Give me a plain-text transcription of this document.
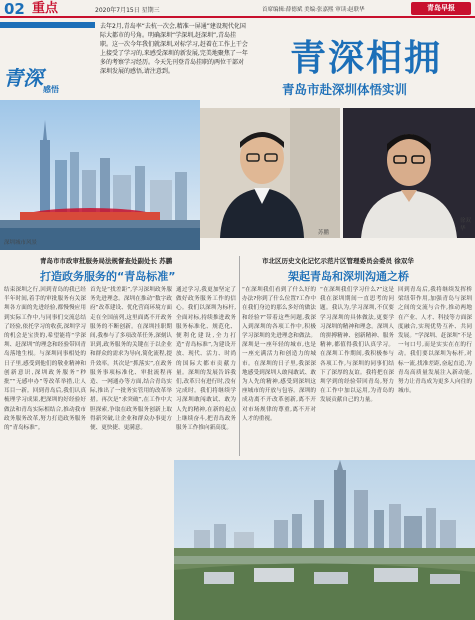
02 重点	2020年7月15日 星期三	首席编辑:薛德斌 美编:张嘉熙 审读:赵联华	青岛早报
去年2月,青岛率“去杭一次会,精准一屏通”建设现代化国际大都市的号角。明确深圳“学深圳,赶深圳”,青岛挂职。这一次今年我们就深圳,对标学习,赶着在工作上干会上接受了学习的,来感受深圳的新发展,完美地聚焦了一年多的考察学习经历。今天先刊登青岛挂职的两位干部对深圳发展的感悟,请注意到。	青深相拥
青岛市赴深圳体悟实训
青深 感悟
深圳城市风景
苏鹏
徐双华
青岛市市政审批服务局法规督查处副处长 苏鹏
打造政务服务的“青岛标准”
结束深圳之行,回到青岛的我已经半年时间,着手的审批服务有关深圳各方面的先进经验,都慢慢应用到实际工作中,与同事们交流总结了经验,依托学习的收获,深圳学习的机会是宝贵的,希望能将“学深圳、赶深圳”的理念和经验带回青岛落地生根。与深圳同事相处的日子里,感受到他们的敬业精神和创新意识,深圳政务服务“秒批”“无感申办”等改革举措,让人耳目一新。回到青岛后,我们认真梳理学习成果,把深圳的好经验好做法和青岛实际相结合,推动我市政务服务改革,努力打造政务服务的“青岛标准”。
首先是“找差距”,学习深圳政务服务先进理念。深圳在推动“数字政府”改革建设、优化营商环境方面走在全国前列,这里面离不开政务服务的不断创新。在深圳挂职期间,我参与了多项改革任务,深刻认识到,政务服务的关键在于以企业和群众的需求为导向,简化流程,提升效率。其次是“抓落实”,在政务服务事项标准化、审批流程再造、一网通办等方面,结合青岛实际,推出了一批务实管用的改革举措。再次是“求突破”,在工作中大胆探索,争取在政务服务创新上取得新突破,让企业和群众办事更方便、更快捷、更满意。
通过学习,我更加坚定了做好政务服务工作的信心。我们以深圳为标杆,全面对标,持续推进政务服务标准化、规范化、便利化建设,全力打造“青岛标准”,为建设开放、现代、活力、时尚的国际大都市贡献力量。深圳的发展告诉我们,改革只有进行时,没有完成时。我们将继续学习深圳敢闯敢试、敢为人先的精神,在新的起点上继续奋斗,把青岛政务服务工作推向新高度。
市北区历史文化记忆示范片区管理委员会委员 徐双华
架起青岛和深圳沟通之桥
“在深圳我们看到了什么好的办法?你到了什么位置?工作中在我们身边的那么多好的做法和经验?”带着这些问题,我深入到深圳的各项工作中,积极学习深圳的先进理念和做法。深圳是一座年轻的城市,也是一座充满活力和创造力的城市。在深圳的日子里,我深深地感受到深圳人敢闯敢试、敢为人先的精神,感受到深圳这座城市的开放与包容。深圳的成功离不开改革创新,离不开对市场规律的尊重,离不开对人才的重视。
“在深圳我们学习什么?”这是我在深圳期间一直思考的问题。我认为,学习深圳,不仅要学习深圳的具体做法,更要学习深圳的精神和理念。深圳人的拼搏精神、创新精神、服务精神,都值得我们认真学习。在深圳工作期间,我积极参与各项工作,与深圳的同事们结下了深厚的友谊。我将把在深圳学到的经验带回青岛,努力在工作中加以运用,为青岛的发展贡献自己的力量。
回到青岛后,我将继续发挥桥梁纽带作用,加强青岛与深圳之间的交流与合作,推动两地在产业、人才、科技等方面深度融合,实现优势互补、共同发展。“学深圳、赶深圳”不是一句口号,而是实实在在的行动。我们要以深圳为标杆,对标一流,找准差距,奋起直追,为青岛高质量发展注入新动能,努力让青岛成为更多人向往的城市。
